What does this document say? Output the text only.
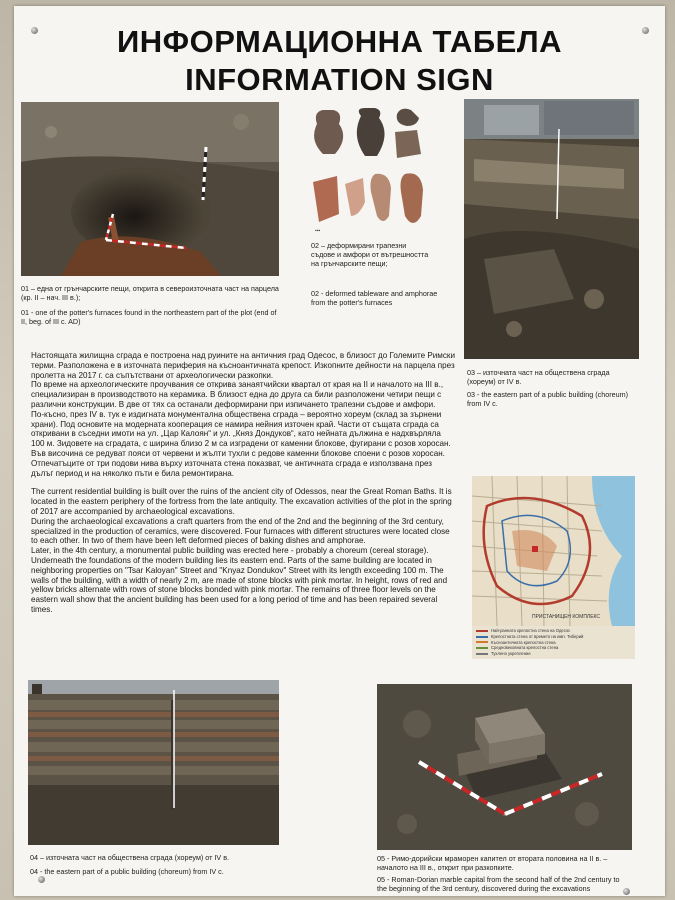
ИНФОРМАЦИОННА ТАБЕЛА
INFORMATION SIGN
01 – една от грънчарските пещи, открита в североизточната част на парцела (кр. II – нач. III в.);
01 - one of the potter's furnaces found in the northeastern part of the plot (end of II, beg. of III c. AD)
▪▪▪
02 – деформирани трапезни съдове и амфори от вътрешността на грънчарските пещи;
02 - deformed tableware and amphorae from the potter's furnaces
03 – източната част на обществена сграда (хореум) от IV в.
03 - the eastern part of a public building (choreum) from IV c.

Настоящата жилищна сграда е построена над руините на античния град Одесос, в близост до Големите Римски терми. Разположена е в източната периферия на късноантичната крепост. Изкопните дейности на парцела през пролетта на 2017 г. са съпътствани от археологически разкопки.

По време на археологическите проучвания се открива занаятчийски квартал от края на II и началото на III в., специализиран в производството на керамика. В близост една до друга са били разположени четири пещи с различни конструкции. В две от тях са останали деформирани при изпичането трапезни съдове и амфори.

По-късно, през IV в. тук е издигната монументална обществена сграда – вероятно хореум (склад за зърнени храни). Под основите на модерната кооперация се намира нейния източен край. Части от същата сграда са откривани в съседни имоти на ул. „Цар Калоян“ и ул. „Княз Дондуков“, като нейната дължина е надхвърляла 100 м. Зидовете на сградата, с ширина близо 2 м са изградени от каменни блокове, фугирани с розов хоросан. Във височина се редуват пояси от червени и жълти тухли с редове каменни блокове споени с розов хоросан. Отпечатъците от три подови нива върху източната стена показват, че античната сграда е използвана през дълъг период и на няколко пъти е била ремонтирана.

The current residential building is built over the ruins of the ancient city of Odessos, near the Great Roman Baths. It is located in the eastern periphery of the fortress from the late antiquity. The excavation activities of the plot in the spring of 2017 are accompanied by archaeological excavations.

During the archaeological excavations a craft quarters from the end of the 2nd and the beginning of the 3rd century, specialized in the production of ceramics, were discovered. Four furnaces with different structures were located close to each other. In two of them have been left deformed pieces of baking dishes and amphorae.

Later, in the 4th century, a monumental public building was erected here - probably a choreum (cereal storage). Underneath the foundations of the modern building lies its eastern end. Parts of the same building are located in neighboring properties on "Tsar Kaloyan" Street and "Knyaz Dondukov" Street with its length exceeding 100 m. The walls of the building, with a width of nearly 2 m, are made of stone blocks with pink mortar. In height, rows of red and yellow bricks alternate with rows of stone blocks bonded with pink mortar. The remains of three floor levels on the eastern wall show that the ancient building has been used for a long period of time and has been repaired several times.

ПРИСТАНИЩЕН КОМПЛЕКС
Най-ранната крепостна стена на Одесос
Крепостната стена от времето на имп. Тиберий
Късноантичната крепостна стена
Средновековната крепостна стена
Тухлено укрепление
04 – източната част на обществена сграда (хореум) от IV в.
04 - the eastern part of a public building (choreum) from IV c.
05 - Римо-дорийски мраморен капител от втората половина на II в. – началото на III в., открит при разкопките.
05 - Roman-Dorian marble capital from the second half of the 2nd century to the beginning of the 3rd century, discovered during the excavations
